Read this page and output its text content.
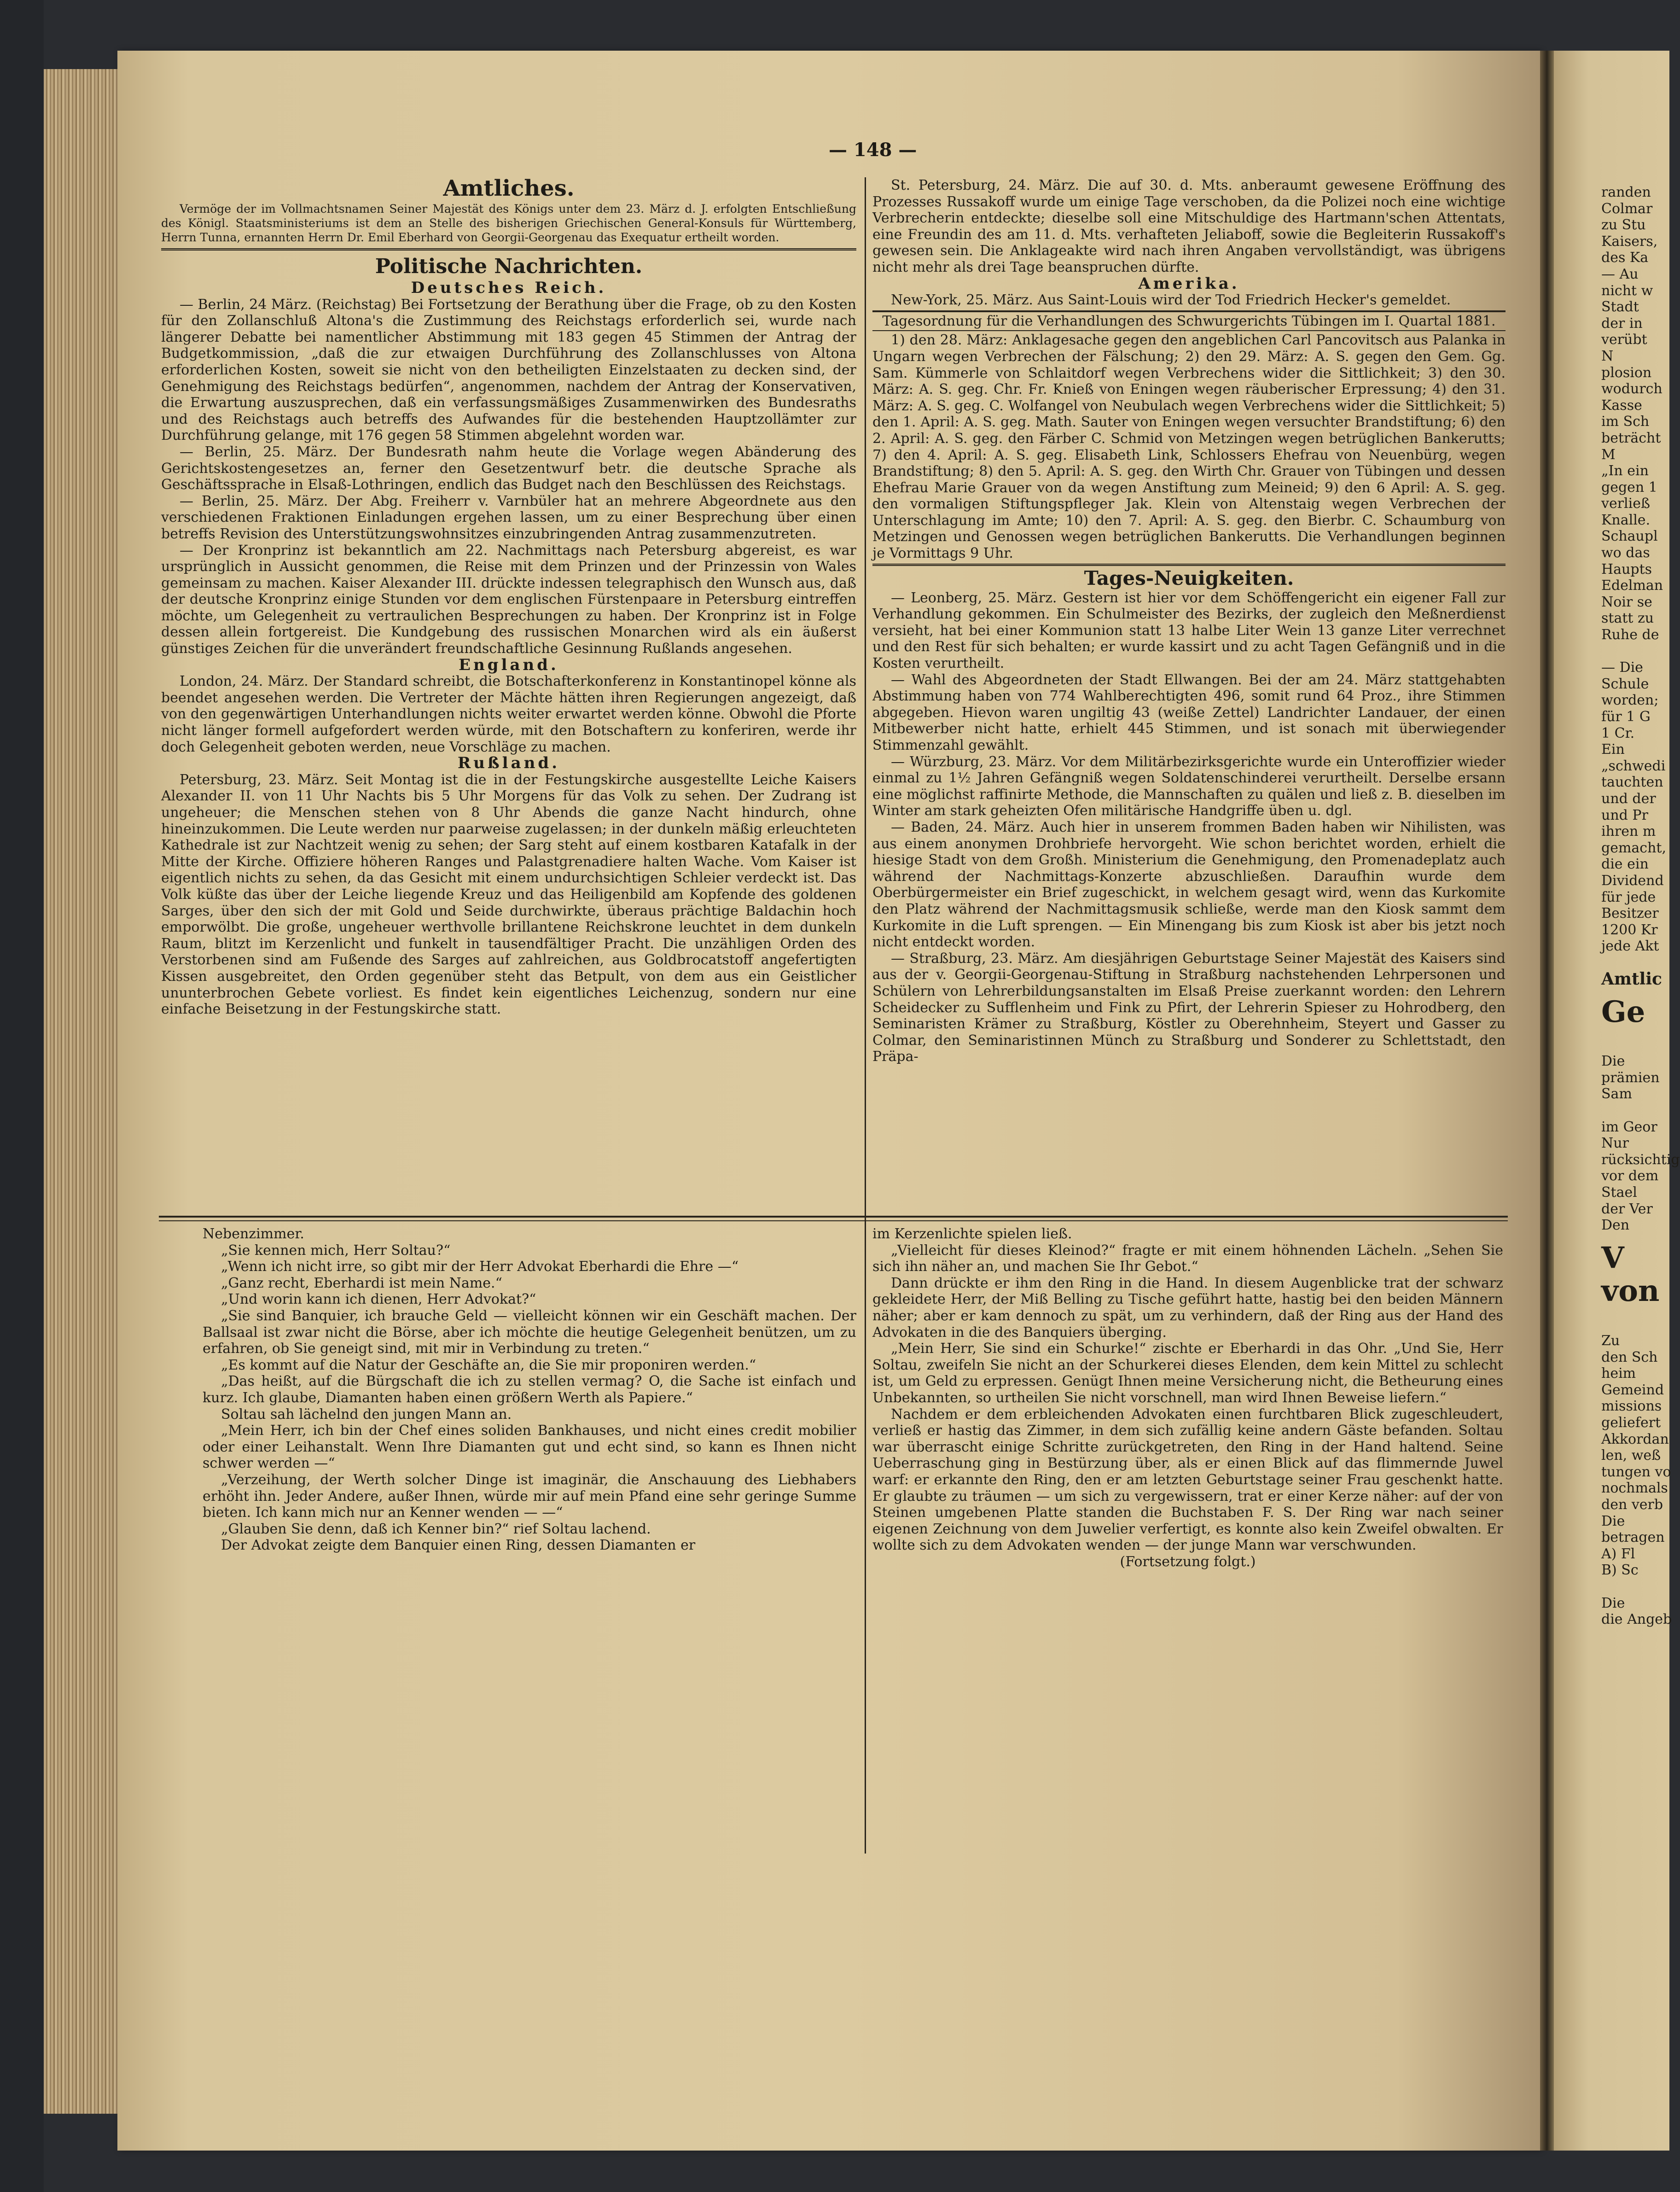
— 148 —
Amtliches.

Vermöge der im Vollmachtsnamen Seiner Majestät des Königs unter dem 23. März d. J. erfolgten Entschließung des Königl. Staatsministeriums ist dem an Stelle des bisherigen Griechischen General-Konsuls für Württemberg, Herrn Tunna, ernannten Herrn Dr. Emil Eberhard von Georgii-Georgenau das Exequatur ertheilt worden.

Politische Nachrichten.
Deutsches Reich.

— Berlin, 24 März. (Reichstag) Bei Fortsetzung der Berathung über die Frage, ob zu den Kosten für den Zollanschluß Altona's die Zustimmung des Reichstags erforderlich sei, wurde nach längerer Debatte bei namentlicher Abstimmung mit 183 gegen 45 Stimmen der Antrag der Budgetkommission, „daß die zur etwaigen Durchführung des Zollanschlusses von Altona erforderlichen Kosten, soweit sie nicht von den betheiligten Einzelstaaten zu decken sind, der Genehmigung des Reichstags bedürfen“, angenommen, nachdem der Antrag der Konservativen, die Erwartung auszusprechen, daß ein verfassungsmäßiges Zusammenwirken des Bundesraths und des Reichstags auch betreffs des Aufwandes für die bestehenden Hauptzollämter zur Durchführung gelange, mit 176 gegen 58 Stimmen abgelehnt worden war.

— Berlin, 25. März. Der Bundesrath nahm heute die Vorlage wegen Abänderung des Gerichtskostengesetzes an, ferner den Gesetzentwurf betr. die deutsche Sprache als Geschäftssprache in Elsaß-Lothringen, endlich das Budget nach den Beschlüssen des Reichstags.

— Berlin, 25. März. Der Abg. Freiherr v. Varnbüler hat an mehrere Abgeordnete aus den verschiedenen Fraktionen Einladungen ergehen lassen, um zu einer Besprechung über einen betreffs Revision des Unterstützungswohnsitzes einzubringenden Antrag zusammenzutreten.

— Der Kronprinz ist bekanntlich am 22. Nachmittags nach Petersburg abgereist, es war ursprünglich in Aussicht genommen, die Reise mit dem Prinzen und der Prinzessin von Wales gemeinsam zu machen. Kaiser Alexander III. drückte indessen telegraphisch den Wunsch aus, daß der deutsche Kronprinz einige Stunden vor dem englischen Fürstenpaare in Petersburg eintreffen möchte, um Gelegenheit zu vertraulichen Besprechungen zu haben. Der Kronprinz ist in Folge dessen allein fortgereist. Die Kundgebung des russischen Monarchen wird als ein äußerst günstiges Zeichen für die unverändert freundschaftliche Gesinnung Rußlands angesehen.

England.

London, 24. März. Der Standard schreibt, die Botschafterkonferenz in Konstantinopel könne als beendet angesehen werden. Die Vertreter der Mächte hätten ihren Regierungen angezeigt, daß von den gegenwärtigen Unterhandlungen nichts weiter erwartet werden könne. Obwohl die Pforte nicht länger formell aufgefordert werden würde, mit den Botschaftern zu konferiren, werde ihr doch Gelegenheit geboten werden, neue Vorschläge zu machen.

Rußland.

Petersburg, 23. März. Seit Montag ist die in der Festungskirche ausgestellte Leiche Kaisers Alexander II. von 11 Uhr Nachts bis 5 Uhr Morgens für das Volk zu sehen. Der Zudrang ist ungeheuer; die Menschen stehen von 8 Uhr Abends die ganze Nacht hindurch, ohne hineinzukommen. Die Leute werden nur paarweise zugelassen; in der dunkeln mäßig erleuchteten Kathedrale ist zur Nachtzeit wenig zu sehen; der Sarg steht auf einem kostbaren Katafalk in der Mitte der Kirche. Offiziere höheren Ranges und Palastgrenadiere halten Wache. Vom Kaiser ist eigentlich nichts zu sehen, da das Gesicht mit einem undurchsichtigen Schleier verdeckt ist. Das Volk küßte das über der Leiche liegende Kreuz und das Heiligenbild am Kopfende des goldenen Sarges, über den sich der mit Gold und Seide durchwirkte, überaus prächtige Baldachin hoch emporwölbt. Die große, ungeheuer werthvolle brillantene Reichskrone leuchtet in dem dunkeln Raum, blitzt im Kerzenlicht und funkelt in tausendfältiger Pracht. Die unzähligen Orden des Verstorbenen sind am Fußende des Sarges auf zahlreichen, aus Goldbrocatstoff angefertigten Kissen ausgebreitet, den Orden gegenüber steht das Betpult, von dem aus ein Geistlicher ununterbrochen Gebete vorliest. Es findet kein eigentliches Leichenzug, sondern nur eine einfache Beisetzung in der Festungskirche statt.

St. Petersburg, 24. März. Die auf 30. d. Mts. anberaumt gewesene Eröffnung des Prozesses Russakoff wurde um einige Tage verschoben, da die Polizei noch eine wichtige Verbrecherin entdeckte; dieselbe soll eine Mitschuldige des Hartmann'schen Attentats, eine Freundin des am 11. d. Mts. verhafteten Jeliaboff, sowie die Begleiterin Russakoff's gewesen sein. Die Anklageakte wird nach ihren Angaben vervollständigt, was übrigens nicht mehr als drei Tage beanspruchen dürfte.

Amerika.

New-York, 25. März. Aus Saint-Louis wird der Tod Friedrich Hecker's gemeldet.

Tagesordnung für die Verhandlungen des Schwurgerichts Tübingen im I. Quartal 1881.

1) den 28. März: Anklagesache gegen den angeblichen Carl Pancovitsch aus Palanka in Ungarn wegen Verbrechen der Fälschung; 2) den 29. März: A. S. gegen den Gem. Gg. Sam. Kümmerle von Schlaitdorf wegen Verbrechens wider die Sittlichkeit; 3) den 30. März: A. S. geg. Chr. Fr. Knieß von Eningen wegen räuberischer Erpressung; 4) den 31. März: A. S. geg. C. Wolfangel von Neubulach wegen Verbrechens wider die Sittlichkeit; 5) den 1. April: A. S. geg. Math. Sauter von Eningen wegen versuchter Brandstiftung; 6) den 2. April: A. S. geg. den Färber C. Schmid von Metzingen wegen betrüglichen Bankerutts; 7) den 4. April: A. S. geg. Elisabeth Link, Schlossers Ehefrau von Neuenbürg, wegen Brandstiftung; 8) den 5. April: A. S. geg. den Wirth Chr. Grauer von Tübingen und dessen Ehefrau Marie Grauer von da wegen Anstiftung zum Meineid; 9) den 6 April: A. S. geg. den vormaligen Stiftungspfleger Jak. Klein von Altenstaig wegen Verbrechen der Unterschlagung im Amte; 10) den 7. April: A. S. geg. den Bierbr. C. Schaumburg von Metzingen und Genossen wegen betrüglichen Bankerutts. Die Verhandlungen beginnen je Vormittags 9 Uhr.

Tages-Neuigkeiten.

— Leonberg, 25. März. Gestern ist hier vor dem Schöffengericht ein eigener Fall zur Verhandlung gekommen. Ein Schulmeister des Bezirks, der zugleich den Meßnerdienst versieht, hat bei einer Kommunion statt 13 halbe Liter Wein 13 ganze Liter verrechnet und den Rest für sich behalten; er wurde kassirt und zu acht Tagen Gefängniß und in die Kosten verurtheilt.

— Wahl des Abgeordneten der Stadt Ellwangen. Bei der am 24. März stattgehabten Abstimmung haben von 774 Wahlberechtigten 496, somit rund 64 Proz., ihre Stimmen abgegeben. Hievon waren ungiltig 43 (weiße Zettel) Landrichter Landauer, der einen Mitbewerber nicht hatte, erhielt 445 Stimmen, und ist sonach mit überwiegender Stimmenzahl gewählt.

— Würzburg, 23. März. Vor dem Militärbezirksgerichte wurde ein Unteroffizier wieder einmal zu 1½ Jahren Gefängniß wegen Soldatenschinderei verurtheilt. Derselbe ersann eine möglichst raffinirte Methode, die Mannschaften zu quälen und ließ z. B. dieselben im Winter am stark geheizten Ofen militärische Handgriffe üben u. dgl.

— Baden, 24. März. Auch hier in unserem frommen Baden haben wir Nihilisten, was aus einem anonymen Drohbriefe hervorgeht. Wie schon berichtet worden, erhielt die hiesige Stadt von dem Großh. Ministerium die Genehmigung, den Promenadeplatz auch während der Nachmittags-Konzerte abzuschließen. Daraufhin wurde dem Oberbürgermeister ein Brief zugeschickt, in welchem gesagt wird, wenn das Kurkomite den Platz während der Nachmittagsmusik schließe, werde man den Kiosk sammt dem Kurkomite in die Luft sprengen. — Ein Minengang bis zum Kiosk ist aber bis jetzt noch nicht entdeckt worden.

— Straßburg, 23. März. Am diesjährigen Geburtstage Seiner Majestät des Kaisers sind aus der v. Georgii-Georgenau-Stiftung in Straßburg nachstehenden Lehrpersonen und Schülern von Lehrerbildungsanstalten im Elsaß Preise zuerkannt worden: den Lehrern Scheidecker zu Sufflenheim und Fink zu Pfirt, der Lehrerin Spieser zu Hohrodberg, den Seminaristen Krämer zu Straßburg, Köstler zu Oberehnheim, Steyert und Gasser zu Colmar, den Seminaristinnen Münch zu Straßburg und Sonderer zu Schlettstadt, den Präpa-

Nebenzimmer.

„Sie kennen mich, Herr Soltau?“

„Wenn ich nicht irre, so gibt mir der Herr Advokat Eberhardi die Ehre —“

„Ganz recht, Eberhardi ist mein Name.“

„Und worin kann ich dienen, Herr Advokat?“

„Sie sind Banquier, ich brauche Geld — vielleicht können wir ein Geschäft machen. Der Ballsaal ist zwar nicht die Börse, aber ich möchte die heutige Gelegenheit benützen, um zu erfahren, ob Sie geneigt sind, mit mir in Verbindung zu treten.“

„Es kommt auf die Natur der Geschäfte an, die Sie mir proponiren werden.“

„Das heißt, auf die Bürgschaft die ich zu stellen vermag? O, die Sache ist einfach und kurz. Ich glaube, Diamanten haben einen größern Werth als Papiere.“

Soltau sah lächelnd den jungen Mann an.

„Mein Herr, ich bin der Chef eines soliden Bankhauses, und nicht eines credit mobilier oder einer Leihanstalt. Wenn Ihre Diamanten gut und echt sind, so kann es Ihnen nicht schwer werden —“

„Verzeihung, der Werth solcher Dinge ist imaginär, die Anschauung des Liebhabers erhöht ihn. Jeder Andere, außer Ihnen, würde mir auf mein Pfand eine sehr geringe Summe bieten. Ich kann mich nur an Kenner wenden — —“

„Glauben Sie denn, daß ich Kenner bin?“ rief Soltau lachend.

Der Advokat zeigte dem Banquier einen Ring, dessen Diamanten er

im Kerzenlichte spielen ließ.

„Vielleicht für dieses Kleinod?“ fragte er mit einem höhnenden Lächeln. „Sehen Sie sich ihn näher an, und machen Sie Ihr Gebot.“

Dann drückte er ihm den Ring in die Hand. In diesem Augenblicke trat der schwarz gekleidete Herr, der Miß Belling zu Tische geführt hatte, hastig bei den beiden Männern näher; aber er kam dennoch zu spät, um zu verhindern, daß der Ring aus der Hand des Advokaten in die des Banquiers überging.

„Mein Herr, Sie sind ein Schurke!“ zischte er Eberhardi in das Ohr. „Und Sie, Herr Soltau, zweifeln Sie nicht an der Schurkerei dieses Elenden, dem kein Mittel zu schlecht ist, um Geld zu erpressen. Genügt Ihnen meine Versicherung nicht, die Betheurung eines Unbekannten, so urtheilen Sie nicht vorschnell, man wird Ihnen Beweise liefern.“

Nachdem er dem erbleichenden Advokaten einen furchtbaren Blick zugeschleudert, verließ er hastig das Zimmer, in dem sich zufällig keine andern Gäste befanden. Soltau war überrascht einige Schritte zurückgetreten, den Ring in der Hand haltend. Seine Ueberraschung ging in Bestürzung über, als er einen Blick auf das flimmernde Juwel warf: er erkannte den Ring, den er am letzten Geburtstage seiner Frau geschenkt hatte. Er glaubte zu träumen — um sich zu vergewissern, trat er einer Kerze näher: auf der von Steinen umgebenen Platte standen die Buchstaben F. S. Der Ring war nach seiner eigenen Zeichnung von dem Juwelier verfertigt, es konnte also kein Zweifel obwalten. Er wollte sich zu dem Advokaten wenden — der junge Mann war verschwunden.

(Fortsetzung folgt.)

randen
Colmar
zu Stu
Kaisers,
des Ka
— Au
nicht w
Stadt
der in
verübt
N
plosion
wodurch
Kasse
im Sch
beträcht
M
„In ein
gegen 1
verließ
Knalle.
Schaupl
wo das
Haupts
Edelman
Noir se
statt zu
Ruhe de
— Die
Schule
worden;
für 1 G
1 Cr.
Ein
„schwedi
tauchten
und der
und Pr
ihren m
gemacht,
die ein
Dividend
für jede
Besitzer
1200 Kr
jede Akt
Amtlic
Ge
Die
prämien
Sam
im Geor
Nur
rücksichtig
vor dem
Stael
der Ver
Den
V
von
Zu
den Sch
heim
Gemeind
missions
geliefert
Akkordan
len, weß
tungen vo
nochmals
den verb
Die
betragen
A) Fl
B) Sc
Die
die Angeb
